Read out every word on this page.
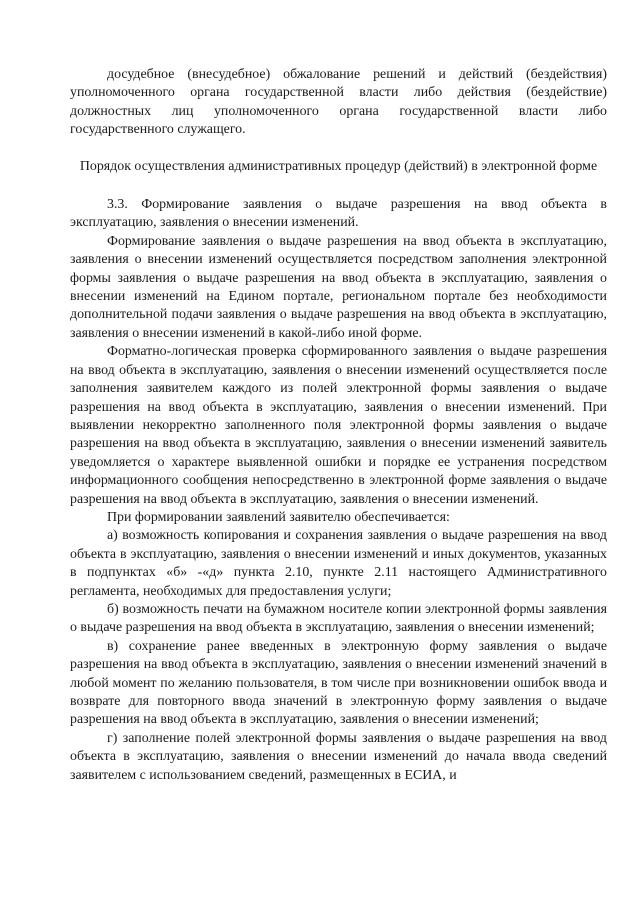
досудебное (внесудебное) обжалование решений и действий (бездействия) уполномоченного органа государственной власти либо действия (бездействие) должностных лиц уполномоченного органа государственной власти либо государственного служащего.

Порядок осуществления административных процедур (действий) в электронной форме

3.3. Формирование заявления о выдаче разрешения на ввод объекта в эксплуатацию, заявления о внесении изменений.

Формирование заявления о выдаче разрешения на ввод объекта в эксплуатацию, заявления о внесении изменений осуществляется посредством заполнения электронной формы заявления о выдаче разрешения на ввод объекта в эксплуатацию, заявления о внесении изменений на Едином портале, региональном портале без необходимости дополнительной подачи заявления о выдаче разрешения на ввод объекта в эксплуатацию, заявления о внесении изменений в какой-либо иной форме.

Форматно-логическая проверка сформированного заявления о выдаче разрешения на ввод объекта в эксплуатацию, заявления о внесении изменений осуществляется после заполнения заявителем каждого из полей электронной формы заявления о выдаче разрешения на ввод объекта в эксплуатацию, заявления о внесении изменений. При выявлении некорректно заполненного поля электронной формы заявления о выдаче разрешения на ввод объекта в эксплуатацию, заявления о внесении изменений заявитель уведомляется о характере выявленной ошибки и порядке ее устранения посредством информационного сообщения непосредственно в электронной форме заявления о выдаче разрешения на ввод объекта в эксплуатацию, заявления о внесении изменений.

При формировании заявлений заявителю обеспечивается:

а) возможность копирования и сохранения заявления о выдаче разрешения на ввод объекта в эксплуатацию, заявления о внесении изменений и иных документов, указанных в подпунктах «б» -«д» пункта 2.10, пункте 2.11 настоящего Административного регламента, необходимых для предоставления услуги;

б) возможность печати на бумажном носителе копии электронной формы заявления о выдаче разрешения на ввод объекта в эксплуатацию, заявления о внесении изменений;

в) сохранение ранее введенных в электронную форму заявления о выдаче разрешения на ввод объекта в эксплуатацию, заявления о внесении изменений значений в любой момент по желанию пользователя, в том числе при возникновении ошибок ввода и возврате для повторного ввода значений в электронную форму заявления о выдаче разрешения на ввод объекта в эксплуатацию, заявления о внесении изменений;

г) заполнение полей электронной формы заявления о выдаче разрешения на ввод объекта в эксплуатацию, заявления о внесении изменений до начала ввода сведений заявителем с использованием сведений, размещенных в ЕСИА, и
